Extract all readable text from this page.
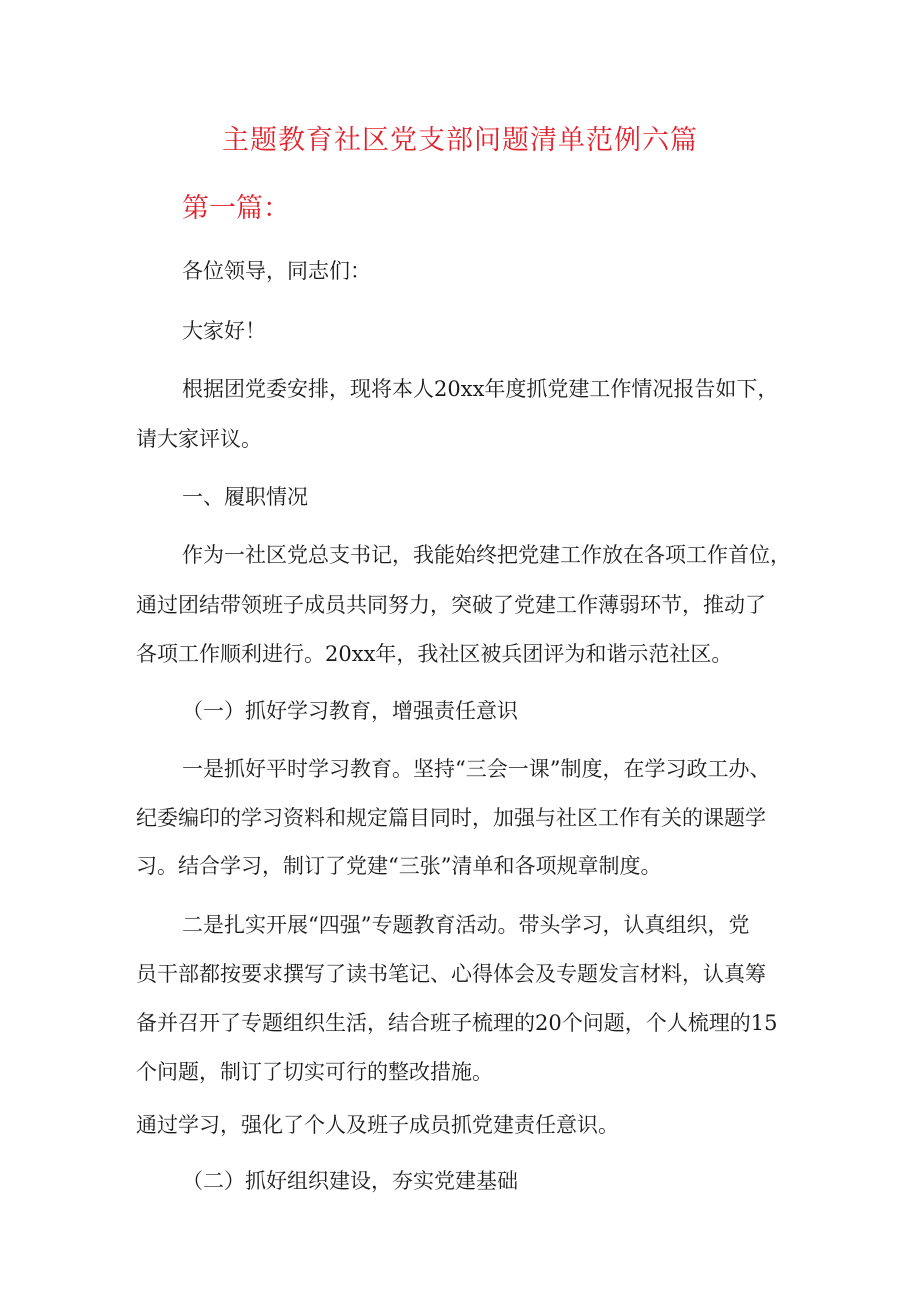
主题教育社区党支部问题清单范例六篇
第一篇：
各位领导，同志们：
大家好！
根据团党委安排，现将本人20xx年度抓党建工作情况报告如下，
请大家评议。
一、履职情况
作为一社区党总支书记，我能始终把党建工作放在各项工作首位，
通过团结带领班子成员共同努力，突破了党建工作薄弱环节，推动了
各项工作顺利进行。20xx年，我社区被兵团评为和谐示范社区。
（一）抓好学习教育，增强责任意识
一是抓好平时学习教育。坚持“三会一课”制度，在学习政工办、
纪委编印的学习资料和规定篇目同时，加强与社区工作有关的课题学
习。结合学习，制订了党建“三张”清单和各项规章制度。
二是扎实开展“四强”专题教育活动。带头学习，认真组织，党
员干部都按要求撰写了读书笔记、心得体会及专题发言材料，认真筹
备并召开了专题组织生活，结合班子梳理的20个问题，个人梳理的15
个问题，制订了切实可行的整改措施。
通过学习，强化了个人及班子成员抓党建责任意识。
（二）抓好组织建设，夯实党建基础
